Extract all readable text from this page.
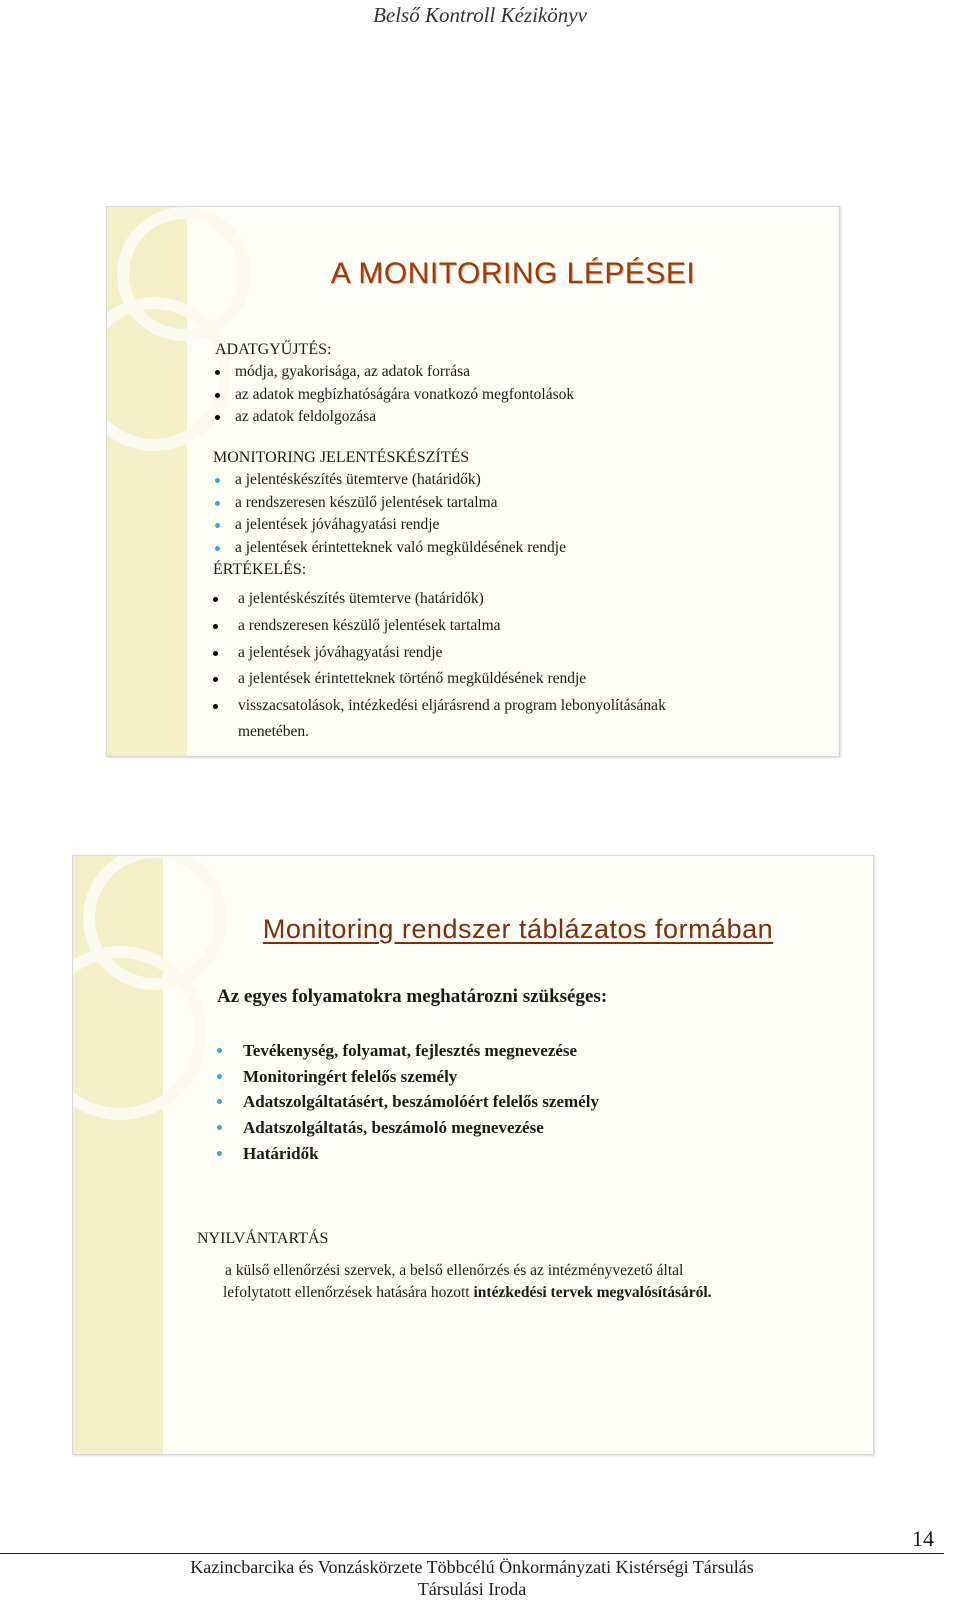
Belső Kontroll Kézikönyv
A MONITORING LÉPÉSEI
ADATGYŰJTÉS:
módja, gyakorisága, az adatok forrása
az adatok megbízhatóságára vonatkozó megfontolások
az adatok feldolgozása
MONITORING JELENTÉSKÉSZÍTÉS
a jelentéskészítés ütemterve (határidők)
a rendszeresen készülő jelentések tartalma
a jelentések jóváhagyatási rendje
a jelentések érintetteknek való megküldésének rendje
ÉRTÉKELÉS:
a jelentéskészítés ütemterve (határidők)
a rendszeresen készülő jelentések tartalma
a jelentések jóváhagyatási rendje
a jelentések érintetteknek történő megküldésének rendje
visszacsatolások, intézkedési eljárásrend a program lebonyolításának
menetében.
Monitoring rendszer táblázatos formában
Az egyes folyamatokra meghatározni szükséges:
Tevékenység, folyamat, fejlesztés megnevezése
Monitoringért felelős személy
Adatszolgáltatásért, beszámolóért felelős személy
Adatszolgáltatás, beszámoló megnevezése
Határidők
NYILVÁNTARTÁS
a külső ellenőrzési szervek, a belső ellenőrzés és az intézményvezető által
lefolytatott ellenőrzések hatására hozott intézkedési tervek megvalósításáról.
14
Kazincbarcika és Vonzáskörzete Többcélú Önkormányzati Kistérségi Társulás
Társulási Iroda
